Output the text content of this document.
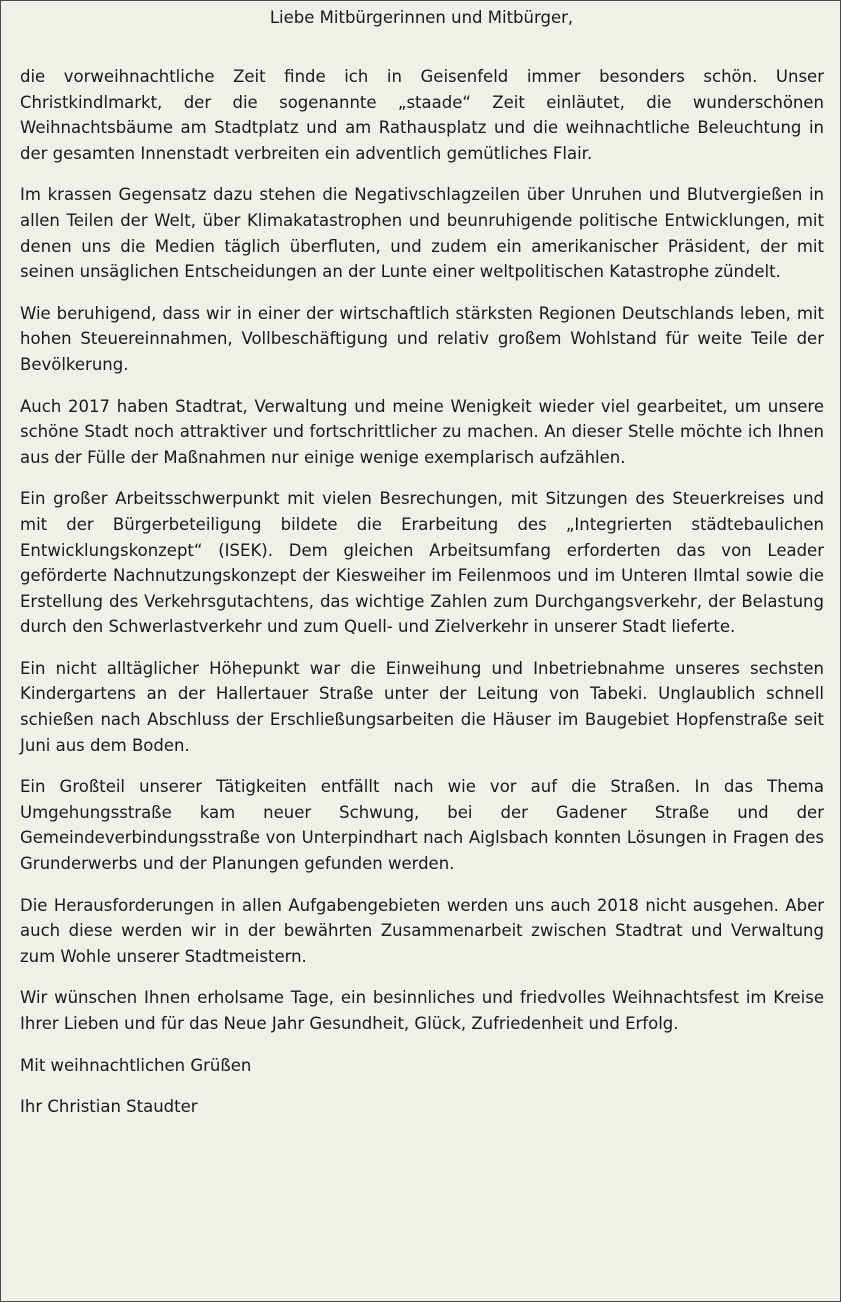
Liebe Mitbürgerinnen und Mitbürger,

die vorweihnachtliche Zeit finde ich in Geisenfeld immer besonders schön. Unser Christkindlmarkt, der die sogenannte „staade“ Zeit einläutet, die wunderschönen Weihnachtsbäume am Stadtplatz und am Rathausplatz und die weihnachtliche Beleuchtung in der gesamten Innenstadt verbreiten ein adventlich gemütliches Flair.

Im krassen Gegensatz dazu stehen die Negativschlagzeilen über Unruhen und Blutvergießen in allen Teilen der Welt, über Klimakatastrophen und beunruhigende politische Entwicklungen, mit denen uns die Medien täglich überfluten, und zudem ein amerikanischer Präsident, der mit seinen unsäglichen Entscheidungen an der Lunte einer weltpolitischen Katastrophe zündelt.

Wie beruhigend, dass wir in einer der wirtschaftlich stärksten Regionen Deutschlands leben, mit hohen Steuereinnahmen, Vollbeschäftigung und relativ großem Wohlstand für weite Teile der Bevölkerung.

Auch 2017 haben Stadtrat, Verwaltung und meine Wenigkeit wieder viel gearbeitet, um unsere schöne Stadt noch attraktiver und fortschrittlicher zu machen. An dieser Stelle möchte ich Ihnen aus der Fülle der Maßnahmen nur einige wenige exemplarisch aufzählen.

Ein großer Arbeitsschwerpunkt mit vielen Besrechungen, mit Sitzungen des Steuerkreises und mit der Bürgerbeteiligung bildete die Erarbeitung des „Integrierten städtebaulichen Entwicklungskonzept“ (ISEK). Dem gleichen Arbeitsumfang erforderten das von Leader geförderte Nachnutzungskonzept der Kiesweiher im Feilenmoos und im Unteren Ilmtal sowie die Erstellung des Verkehrsgutachtens, das wichtige Zahlen zum Durchgangsverkehr, der Belastung durch den Schwerlastverkehr und zum Quell- und Zielverkehr in unserer Stadt lieferte.

Ein nicht alltäglicher Höhepunkt war die Einweihung und Inbetriebnahme unseres sechsten Kindergartens an der Hallertauer Straße unter der Leitung von Tabeki. Unglaublich schnell schießen nach Abschluss der Erschließungsarbeiten die Häuser im Baugebiet Hopfenstraße seit Juni aus dem Boden.

Ein Großteil unserer Tätigkeiten entfällt nach wie vor auf die Straßen. In das Thema Umgehungsstraße kam neuer Schwung, bei der Gadener Straße und der Gemeindeverbindungsstraße von Unterpindhart nach Aiglsbach konnten Lösungen in Fragen des Grunderwerbs und der Planungen gefunden werden.

Die Herausforderungen in allen Aufgabengebieten werden uns auch 2018 nicht ausgehen. Aber auch diese werden wir in der bewährten Zusammenarbeit zwischen Stadtrat und Verwaltung zum Wohle unserer Stadtmeistern.

Wir wünschen Ihnen erholsame Tage, ein besinnliches und friedvolles Weihnachtsfest im Kreise Ihrer Lieben und für das Neue Jahr Gesundheit, Glück, Zufriedenheit und Erfolg.

Mit weihnachtlichen Grüßen

Ihr Christian Staudter
